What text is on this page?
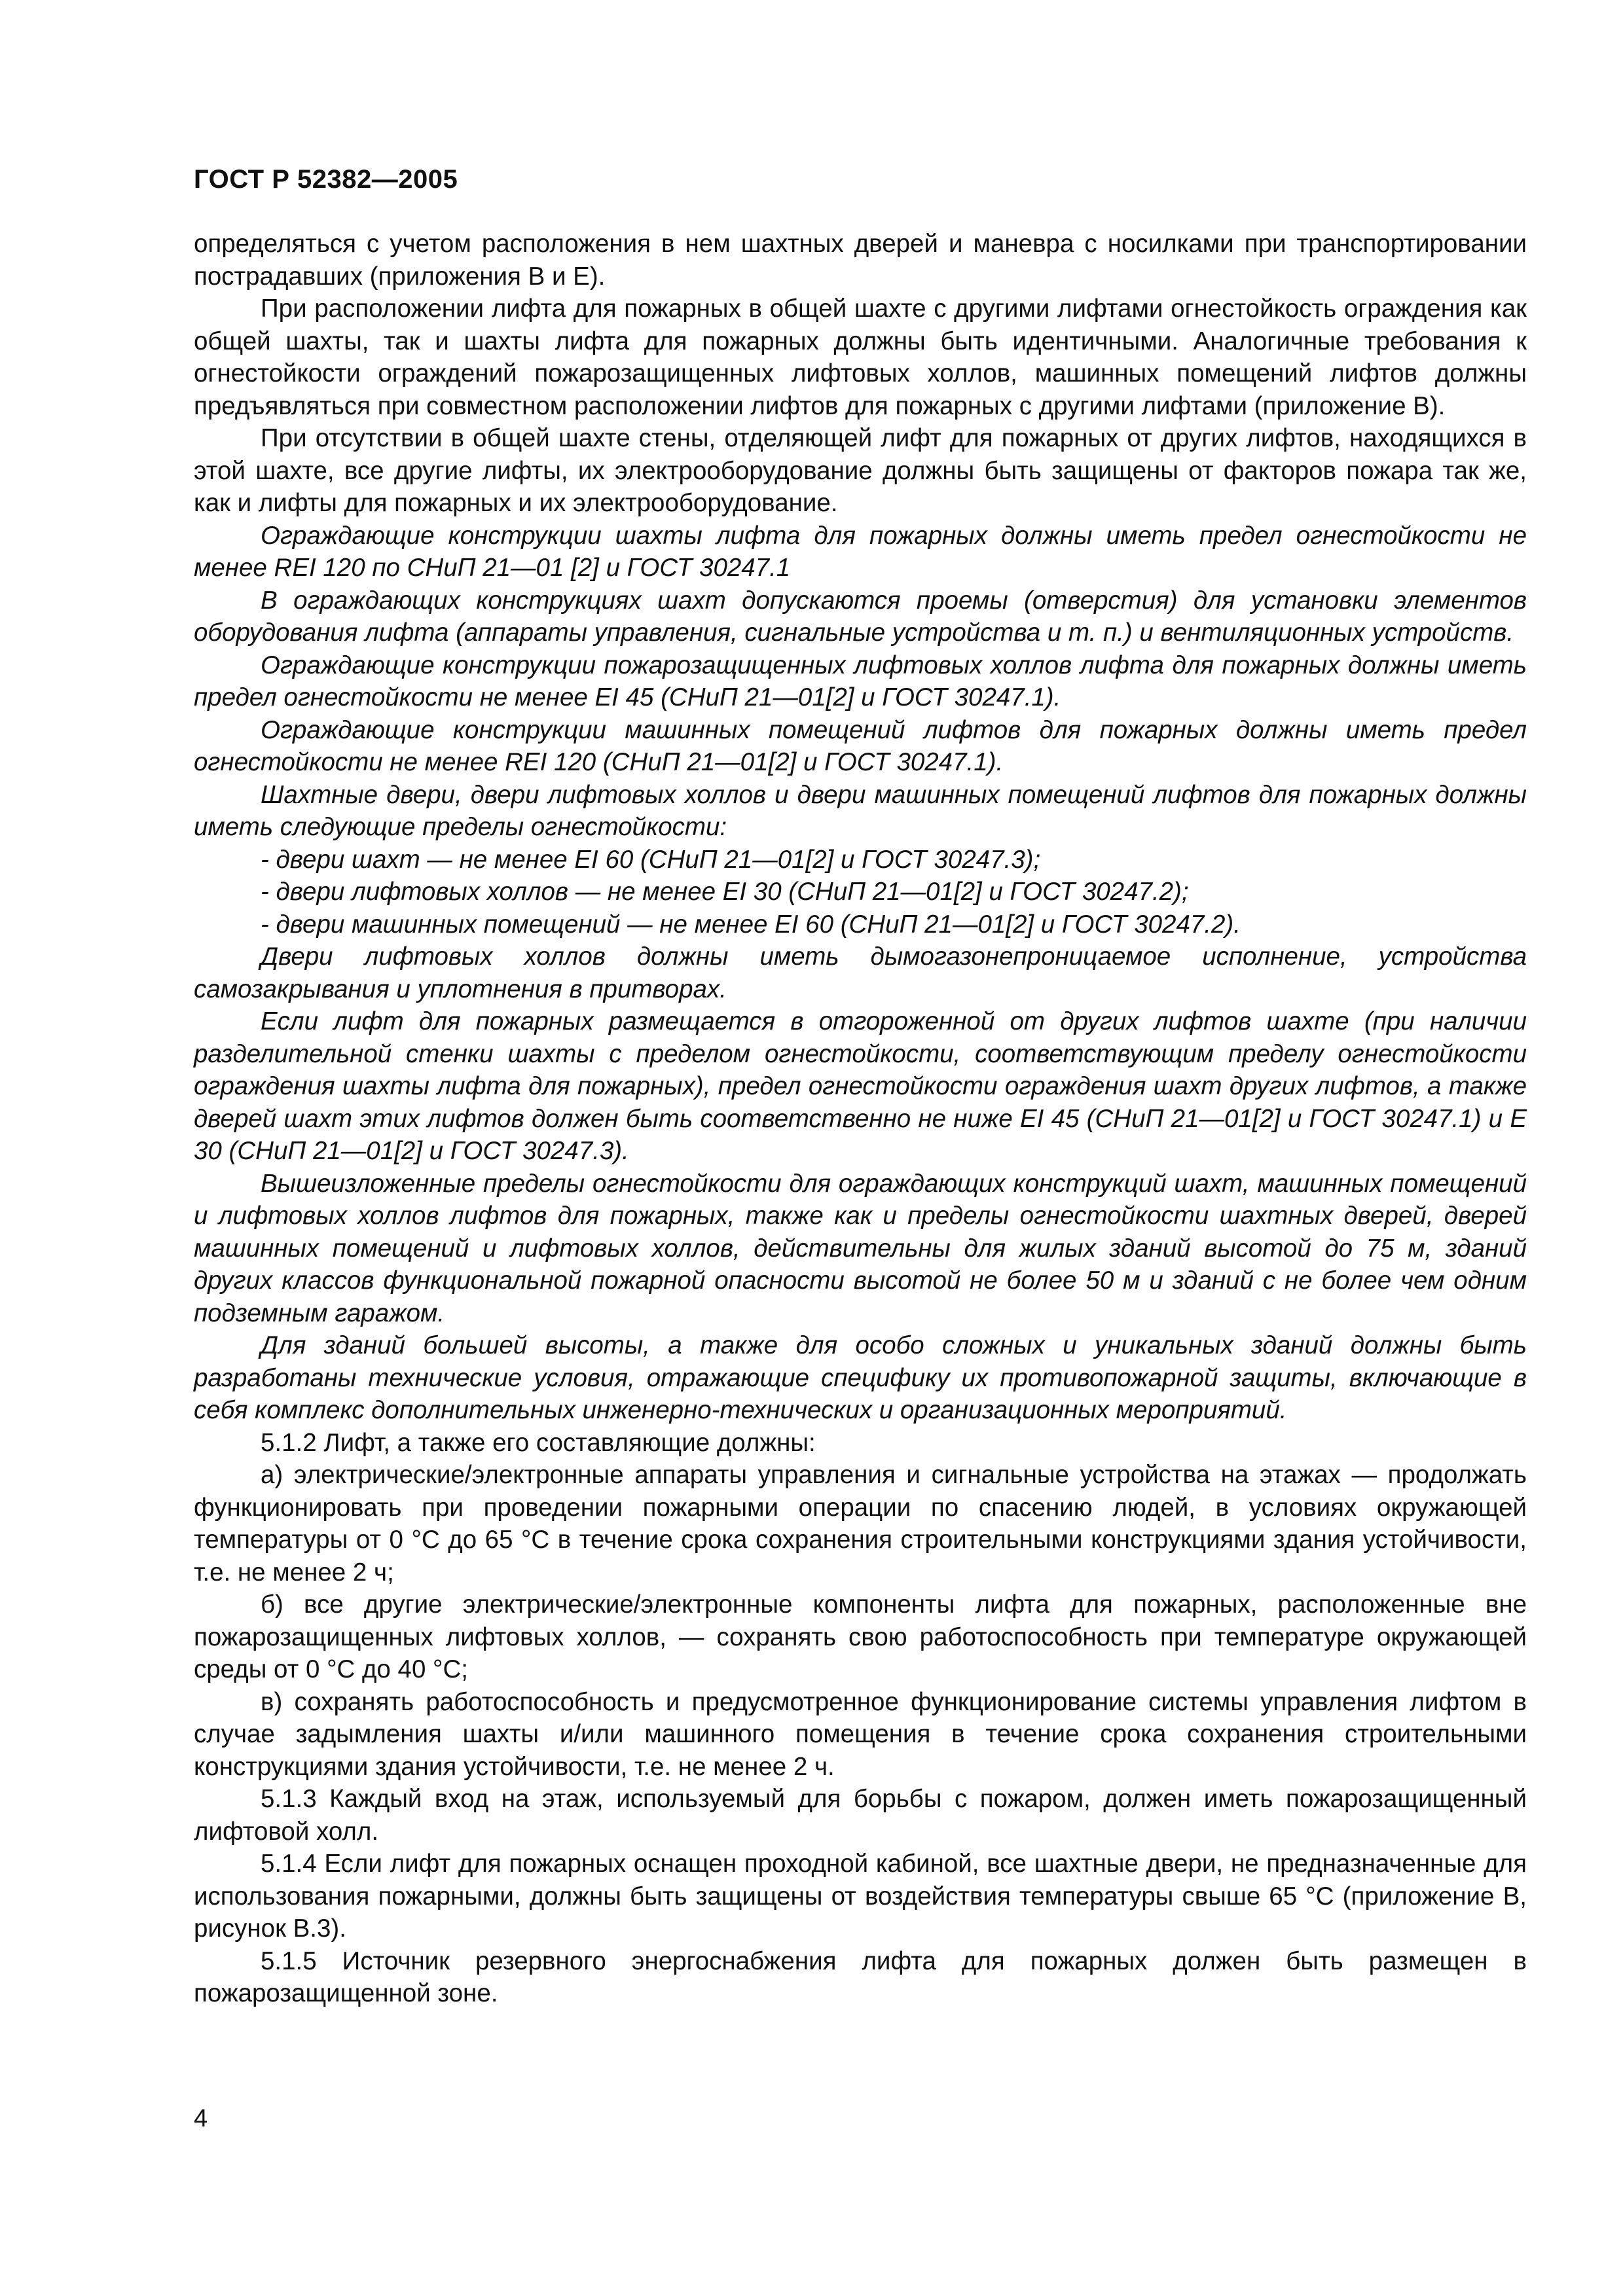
ГОСТ Р 52382—2005

определяться с учетом расположения в нем шахтных дверей и маневра с носилками при транспортировании пострадавших (приложения В и Е).

При расположении лифта для пожарных в общей шахте с другими лифтами огнестойкость ограждения как общей шахты, так и шахты лифта для пожарных должны быть идентичными. Аналогичные требования к огнестойкости ограждений пожарозащищенных лифтовых холлов, машинных помещений лифтов должны предъявляться при совместном расположении лифтов для пожарных с другими лифтами (приложение В).

При отсутствии в общей шахте стены, отделяющей лифт для пожарных от других лифтов, находящихся в этой шахте, все другие лифты, их электрооборудование должны быть защищены от факторов пожара так же, как и лифты для пожарных и их электрооборудование.

Ограждающие конструкции шахты лифта для пожарных должны иметь предел огнестойкости не менее REI 120 по СНиП 21—01 [2] и ГОСТ 30247.1

В ограждающих конструкциях шахт допускаются проемы (отверстия) для установки элементов оборудования лифта (аппараты управления, сигнальные устройства и т. п.) и вентиляционных устройств.

Ограждающие конструкции пожарозащищенных лифтовых холлов лифта для пожарных должны иметь предел огнестойкости не менее EI 45 (СНиП 21—01[2] и ГОСТ 30247.1).

Ограждающие конструкции машинных помещений лифтов для пожарных должны иметь предел огнестойкости не менее REI 120 (СНиП 21—01[2] и ГОСТ 30247.1).

Шахтные двери, двери лифтовых холлов и двери машинных помещений лифтов для пожарных должны иметь следующие пределы огнестойкости:

- двери шахт — не менее EI 60 (СНиП 21—01[2] и ГОСТ 30247.3);

- двери лифтовых холлов — не менее EI 30 (СНиП 21—01[2] и ГОСТ 30247.2);

- двери машинных помещений — не менее EI 60 (СНиП 21—01[2] и ГОСТ 30247.2).

Двери лифтовых холлов должны иметь дымогазонепроницаемое исполнение, устройства самозакрывания и уплотнения в притворах.

Если лифт для пожарных размещается в отгороженной от других лифтов шахте (при наличии разделительной стенки шахты с пределом огнестойкости, соответствующим пределу огнестойкости ограждения шахты лифта для пожарных), предел огнестойкости ограждения шахт других лифтов, а также дверей шахт этих лифтов должен быть соответственно не ниже EI 45 (СНиП 21—01[2] и ГОСТ 30247.1) и Е 30 (СНиП 21—01[2] и ГОСТ 30247.3).

Вышеизложенные пределы огнестойкости для ограждающих конструкций шахт, машинных помещений и лифтовых холлов лифтов для пожарных, также как и пределы огнестойкости шахтных дверей, дверей машинных помещений и лифтовых холлов, действительны для жилых зданий высотой до 75 м, зданий других классов функциональной пожарной опасности высотой не более 50 м и зданий с не более чем одним подземным гаражом.

Для зданий большей высоты, а также для особо сложных и уникальных зданий должны быть разработаны технические условия, отражающие специфику их противопожарной защиты, включающие в себя комплекс дополнительных инженерно-технических и организационных мероприятий.

5.1.2 Лифт, а также его составляющие должны:

а) электрические/электронные аппараты управления и сигнальные устройства на этажах — продолжать функционировать при проведении пожарными операции по спасению людей, в условиях окружающей температуры от 0 °С до 65 °С в течение срока сохранения строительными конструкциями здания устойчивости, т.е. не менее 2 ч;

б) все другие электрические/электронные компоненты лифта для пожарных, расположенные вне пожарозащищенных лифтовых холлов, — сохранять свою работоспособность при температуре окружающей среды от 0 °С до 40 °С;

в) сохранять работоспособность и предусмотренное функционирование системы управления лифтом в случае задымления шахты и/или машинного помещения в течение срока сохранения строительными конструкциями здания устойчивости, т.е. не менее 2 ч.

5.1.3 Каждый вход на этаж, используемый для борьбы с пожаром, должен иметь пожарозащищенный лифтовой холл.

5.1.4 Если лифт для пожарных оснащен проходной кабиной, все шахтные двери, не предназначенные для использования пожарными, должны быть защищены от воздействия температуры свыше 65 °С (приложение В, рисунок В.3).

5.1.5 Источник резервного энергоснабжения лифта для пожарных должен быть размещен в пожарозащищенной зоне.

4
